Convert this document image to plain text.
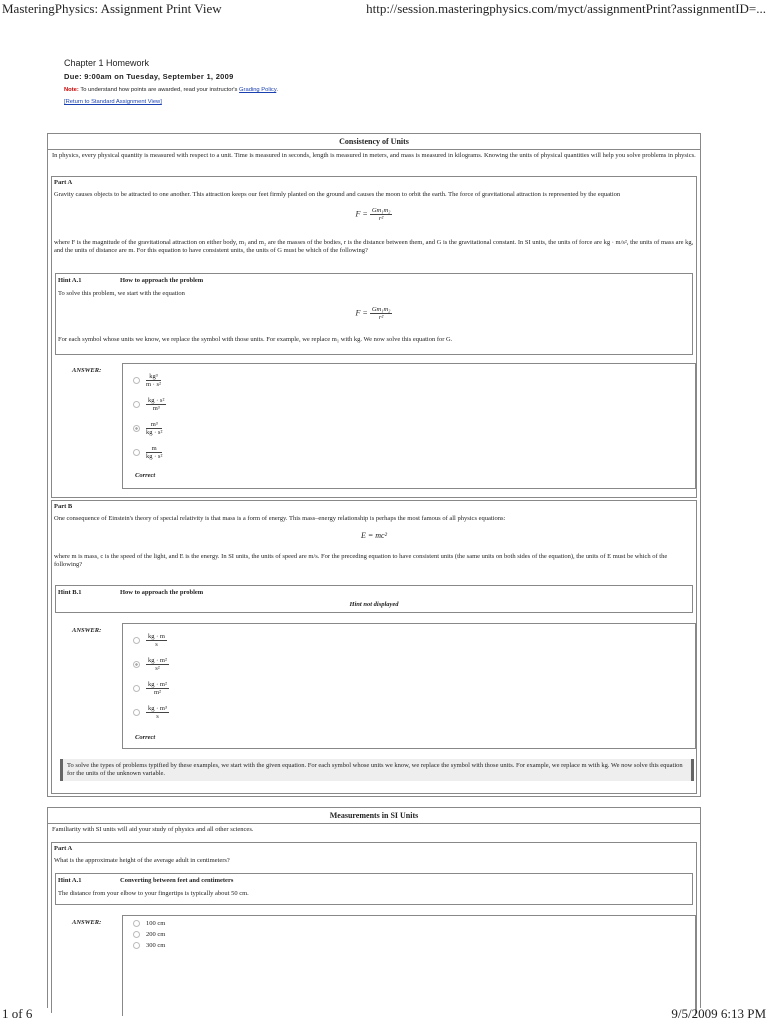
MasteringPhysics: Assignment Print View	http://session.masteringphysics.com/myct/assignmentPrint?assignmentID=...
Chapter 1 Homework
Due: 9:00am on Tuesday, September 1, 2009
Note: To understand how points are awarded, read your instructor's Grading Policy.
[Return to Standard Assignment View]
Consistency of Units
In physics, every physical quantity is measured with respect to a unit. Time is measured in seconds, length is measured in meters, and mass is measured in kilograms. Knowing the units of physical quantities will help you solve problems in physics.
Part A
Gravity causes objects to be attracted to one another. This attraction keeps our feet firmly planted on the ground and causes the moon to orbit the earth. The force of gravitational attraction is represented by the equation
$F = \frac{\text{Gm₁m₂}}{\text{r²}}$
where F is the magnitude of the gravitational attraction on either body, m₁ and m₂ are the masses of the bodies, r is the distance between them, and G is the gravitational constant. In SI units, the units of force are kg · m/s², the units of mass are kg, and the units of distance are m. For this equation to have consistent units, the units of G must be which of the following?
Hint A.1	How to approach the problem
To solve this problem, we start with the equation
$F = \frac{\text{Gm₁m₂}}{\text{r²}}$
For each symbol whose units we know, we replace the symbol with those units. For example, we replace m₁ with kg. We now solve this equation for G.
ANSWER:
$\frac{\text{kg³}}{\text{m · s²}}$
$\frac{\text{kg · s²}}{\text{m³}}$
$\frac{\text{m³}}{\text{kg · s²}}$
$\frac{m}{\text{kg · s²}}$
Correct
Part B
One consequence of Einstein's theory of special relativity is that mass is a form of energy. This mass–energy relationship is perhaps the most famous of all physics equations:
E = mc²
where m is mass, c is the speed of the light, and E is the energy. In SI units, the units of speed are m/s. For the preceding equation to have consistent units (the same units on both sides of the equation), the units of E must be which of the following?
Hint B.1	How to approach the problem
Hint not displayed
ANSWER:
$\frac{kg \cdot m}{s}$
$\frac{\text{kg · m²}}{\text{s²}}$
$\frac{\text{kg · m²}}{\text{m²}}$
$\frac{\text{kg · m³}}{s}$
Correct
To solve the types of problems typified by these examples, we start with the given equation. For each symbol whose units we know, we replace the symbol with those units. For example, we replace m with kg. We now solve this equation for the units of the unknown variable.
Measurements in SI Units
Familiarity with SI units will aid your study of physics and all other sciences.
Part A
What is the approximate height of the average adult in centimeters?
Hint A.1	Converting between feet and centimeters
The distance from your elbow to your fingertips is typically about 50 cm.
ANSWER:	100 cm
200 cm
300 cm
1 of 6	9/5/2009 6:13 PM
